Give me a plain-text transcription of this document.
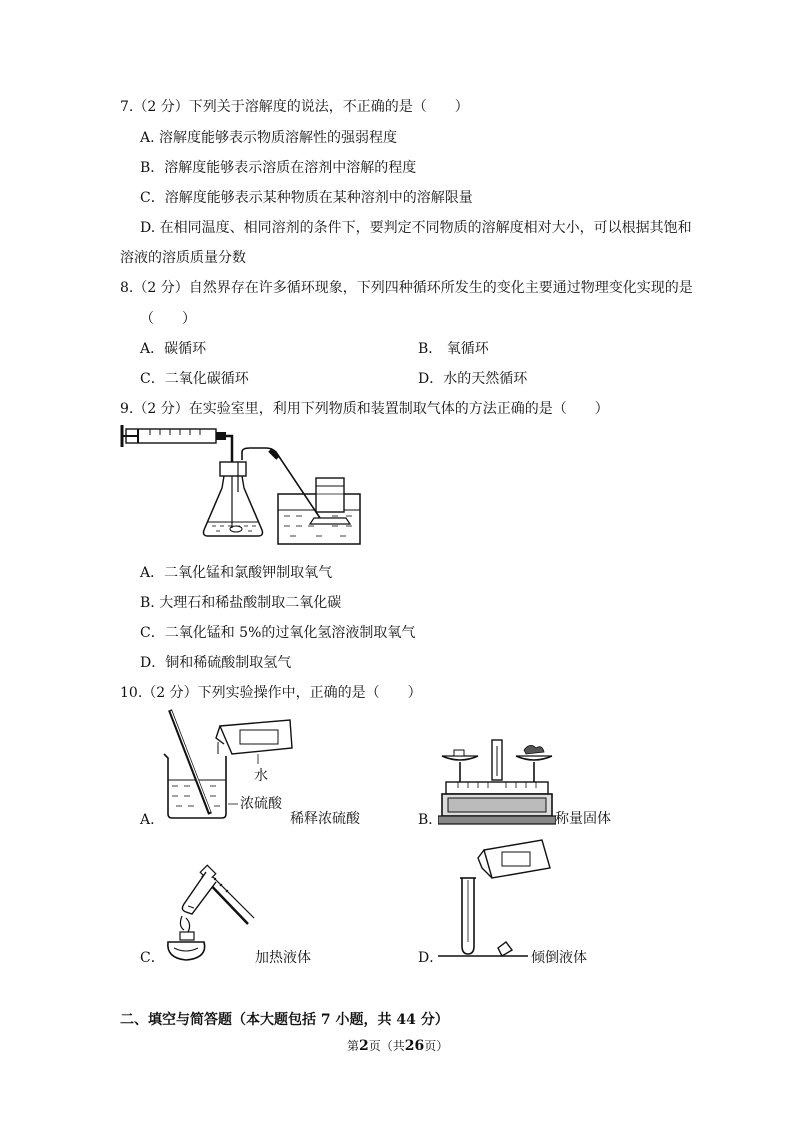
7.（2 分）下列关于溶解度的说法，不正确的是（　　）
A. 溶解度能够表示物质溶解性的强弱程度
B．溶解度能够表示溶质在溶剂中溶解的程度
C．溶解度能够表示某种物质在某种溶剂中的溶解限量
D. 在相同温度、相同溶剂的条件下，要判定不同物质的溶解度相对大小，可以根据其饱和
溶液的溶质质量分数
8.（2 分）自然界存在许多循环现象，下列四种循环所发生的变化主要通过物理变化实现的是
（　　）
A．碳循环	B． 氧循环
C．二氧化碳循环	D．水的天然循环
9.（2 分）在实验室里，利用下列物质和装置制取气体的方法正确的是（　　）
A．二氧化锰和氯酸钾制取氧气
B. 大理石和稀盐酸制取二氧化碳
C．二氧化锰和 5%的过氧化氢溶液制取氧气
D．铜和稀硫酸制取氢气
10.（2 分）下列实验操作中，正确的是（　　）
水
浓硫酸
A.	稀释浓硫酸	B．	称量固体
C．	加热液体	D．	倾倒液体
二、填空与简答题（本大题包括 7 小题，共 44 分）
第2页（共26页）
